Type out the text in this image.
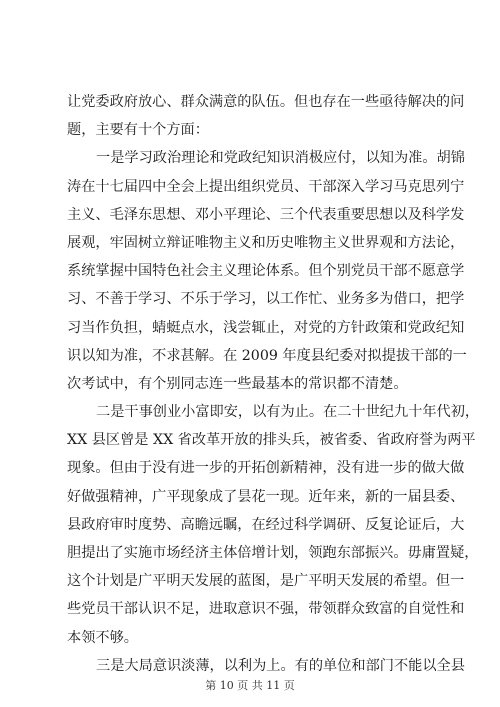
让党委政府放心、群众满意的队伍。但也存在一些亟待解决的问
题，主要有十个方面：
一是学习政治理论和党政纪知识消极应付，以知为准。胡锦
涛在十七届四中全会上提出组织党员、干部深入学习马克思列宁
主义、毛泽东思想、邓小平理论、三个代表重要思想以及科学发
展观，牢固树立辩证唯物主义和历史唯物主义世界观和方法论，
系统掌握中国特色社会主义理论体系。但个别党员干部不愿意学
习、不善于学习、不乐于学习，以工作忙、业务多为借口，把学
习当作负担，蜻蜓点水，浅尝辄止，对党的方针政策和党政纪知
识以知为准，不求甚解。在 2009 年度县纪委对拟提拔干部的一
次考试中，有个别同志连一些最基本的常识都不清楚。
二是干事创业小富即安，以有为止。在二十世纪九十年代初，
XX 县区曾是 XX 省改革开放的排头兵，被省委、省政府誉为两平
现象。但由于没有进一步的开拓创新精神，没有进一步的做大做
好做强精神，广平现象成了昙花一现。近年来，新的一届县委、
县政府审时度势、高瞻远瞩，在经过科学调研、反复论证后，大
胆提出了实施市场经济主体倍增计划，领跑东部振兴。毋庸置疑，
这个计划是广平明天发展的蓝图，是广平明天发展的希望。但一
些党员干部认识不足，进取意识不强，带领群众致富的自觉性和
本领不够。
三是大局意识淡薄，以利为上。有的单位和部门不能以全县
第 10 页 共 11 页
